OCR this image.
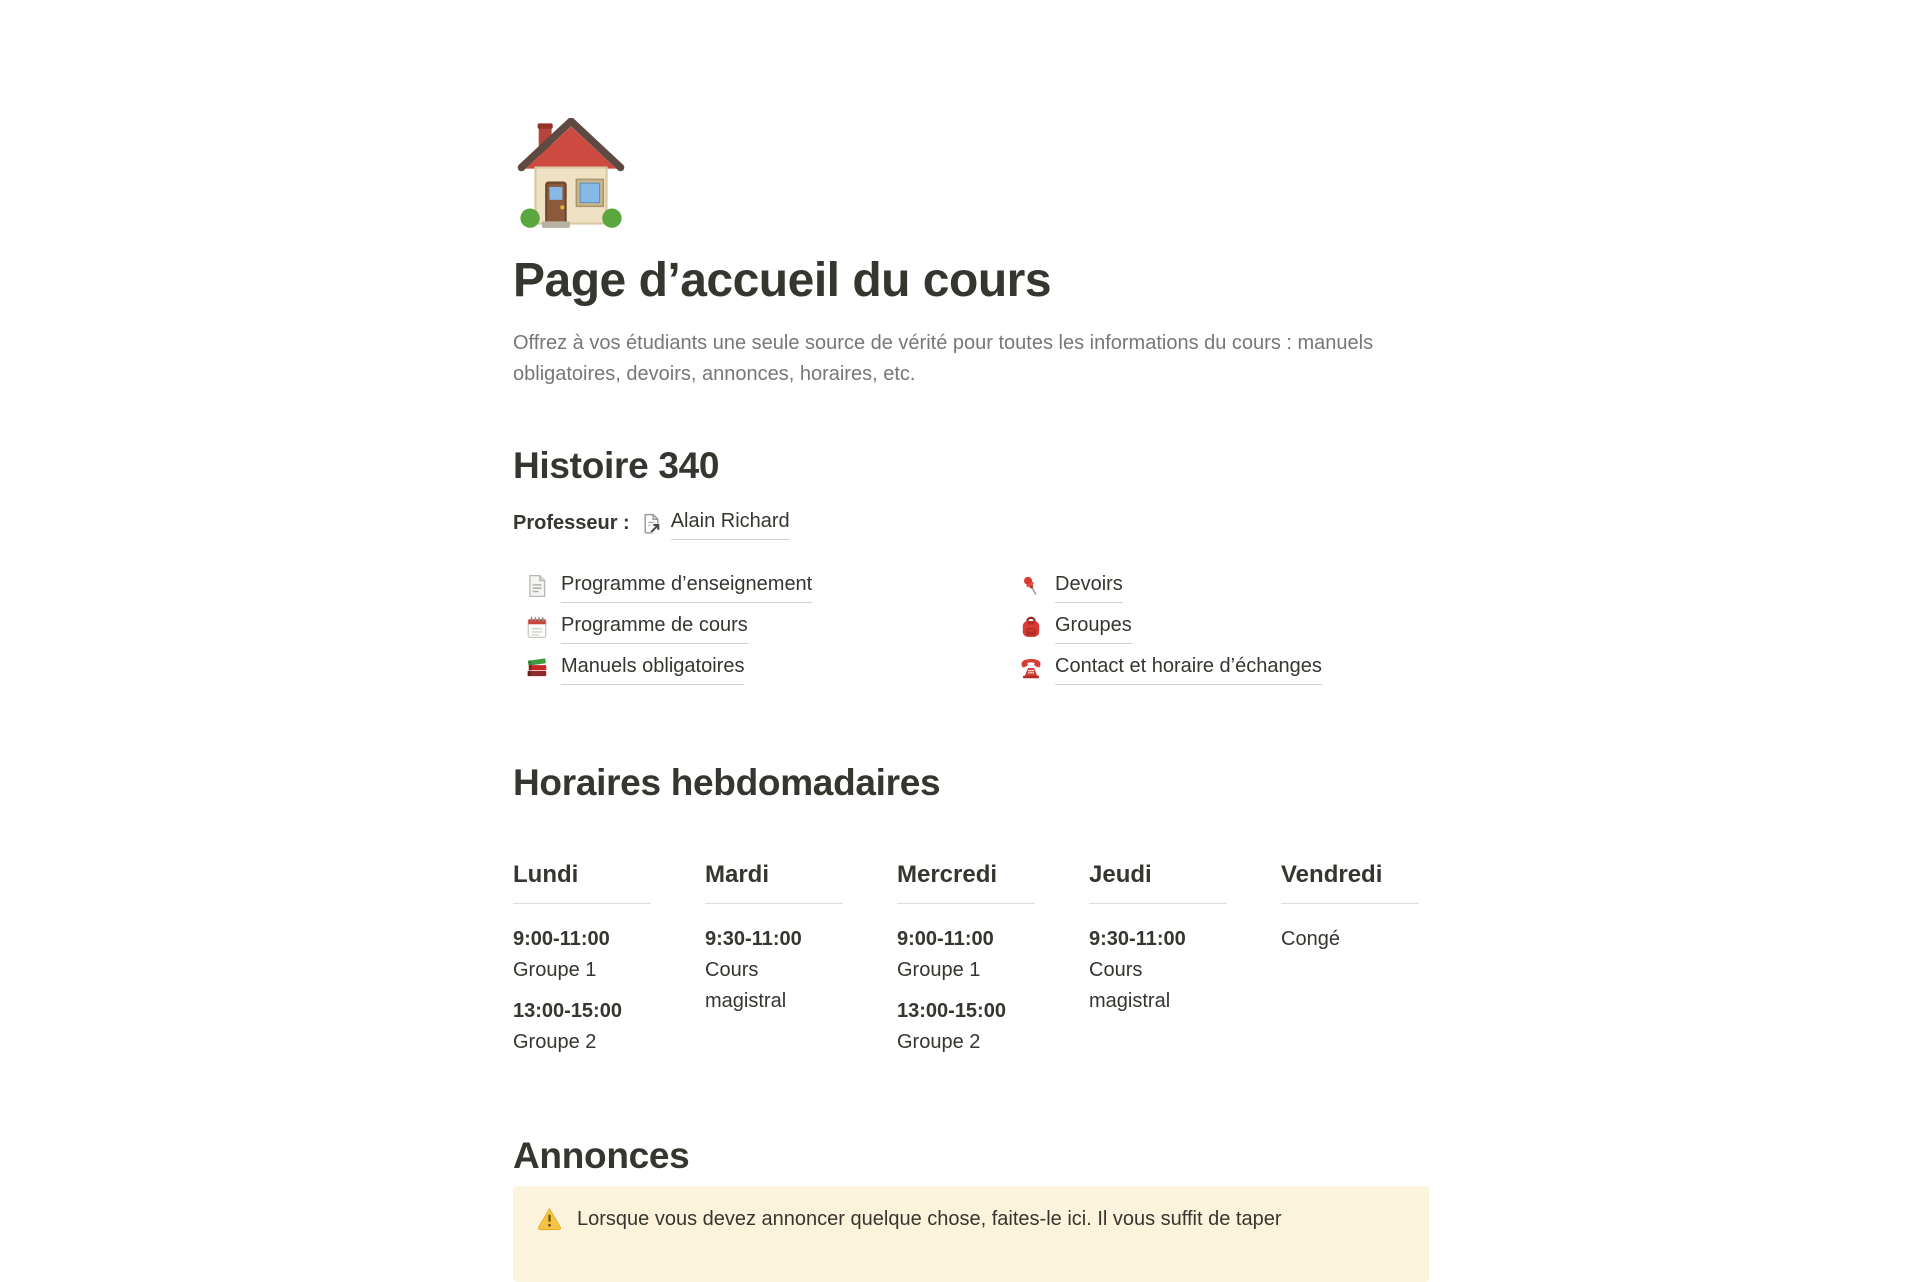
Page d’accueil du cours

Offrez à vos étudiants une seule source de vérité pour toutes les informations du cours : manuels obligatoires, devoirs, annonces, horaires, etc.

Histoire 340
Professeur : Alain Richard
Programme d’enseignement
Programme de cours
Manuels obligatoires
Devoirs
Groupes
Contact et horaire d’échanges
Horaires hebdomadaires
Lundi
9:00-11:00
Groupe 1
13:00-15:00
Groupe 2
Mardi
9:30-11:00
Cours magistral
Mercredi
9:00-11:00
Groupe 1
13:00-15:00
Groupe 2
Jeudi
9:30-11:00
Cours magistral
Vendredi
Congé
Annonces

Lorsque vous devez annoncer quelque chose, faites-le ici. Il vous suffit de taper
